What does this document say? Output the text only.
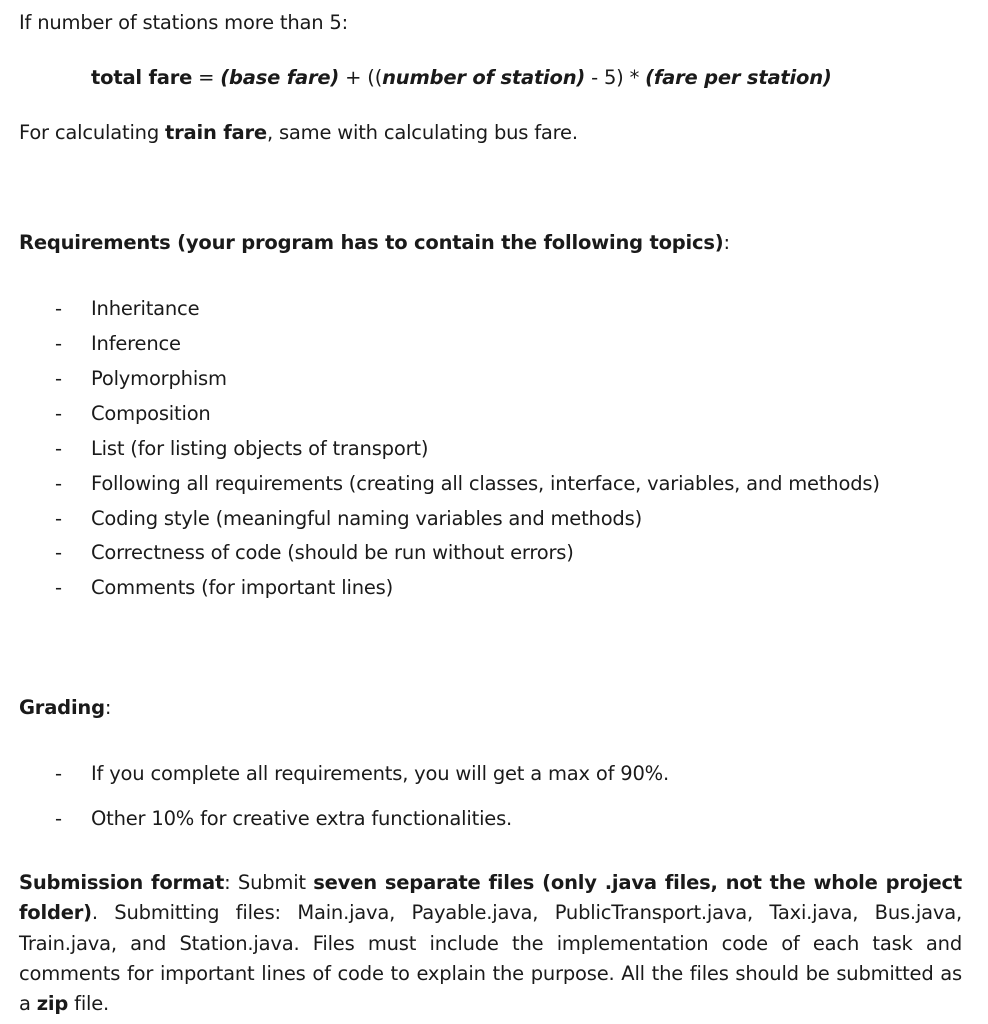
If number of stations more than 5:
total fare = (base fare) + ((number of station) - 5) * (fare per station)
For calculating train fare, same with calculating bus fare.
Requirements (your program has to contain the following topics):
- Inheritance
- Inference
- Polymorphism
- Composition
- List (for listing objects of transport)
- Following all requirements (creating all classes, interface, variables, and methods)
- Coding style (meaningful naming variables and methods)
- Correctness of code (should be run without errors)
- Comments (for important lines)
Grading:
- If you complete all requirements, you will get a max of 90%.
- Other 10% for creative extra functionalities.
Submission format: Submit seven separate files (only .java files, not the whole project folder). Submitting files: Main.java, Payable.java, PublicTransport.java, Taxi.java, Bus.java, Train.java, and Station.java. Files must include the implementation code of each task and comments for important lines of code to explain the purpose. All the files should be submitted as a zip file.
